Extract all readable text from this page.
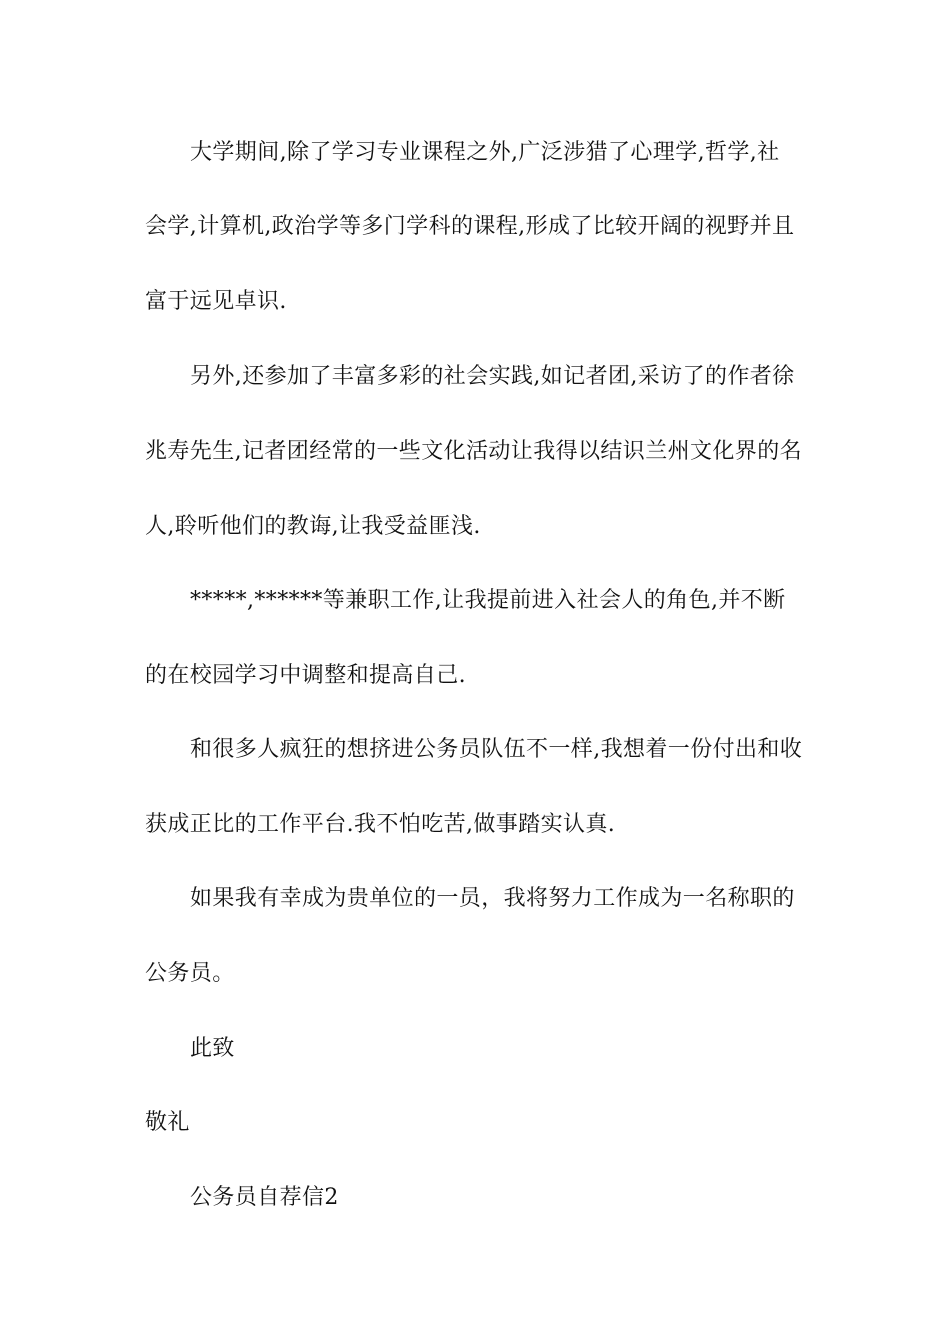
大学期间,除了学习专业课程之外,广泛涉猎了心理学,哲学,社
会学,计算机,政治学等多门学科的课程,形成了比较开阔的视野并且
富于远见卓识.
另外,还参加了丰富多彩的社会实践,如记者团,采访了的作者徐
兆寿先生,记者团经常的一些文化活动让我得以结识兰州文化界的名
人,聆听他们的教诲,让我受益匪浅.
*****,******等兼职工作,让我提前进入社会人的角色,并不断
的在校园学习中调整和提高自己.
和很多人疯狂的想挤进公务员队伍不一样,我想着一份付出和收
获成正比的工作平台.我不怕吃苦,做事踏实认真.
如果我有幸成为贵单位的一员，我将努力工作成为一名称职的
公务员。
此致
敬礼
公务员自荐信2
